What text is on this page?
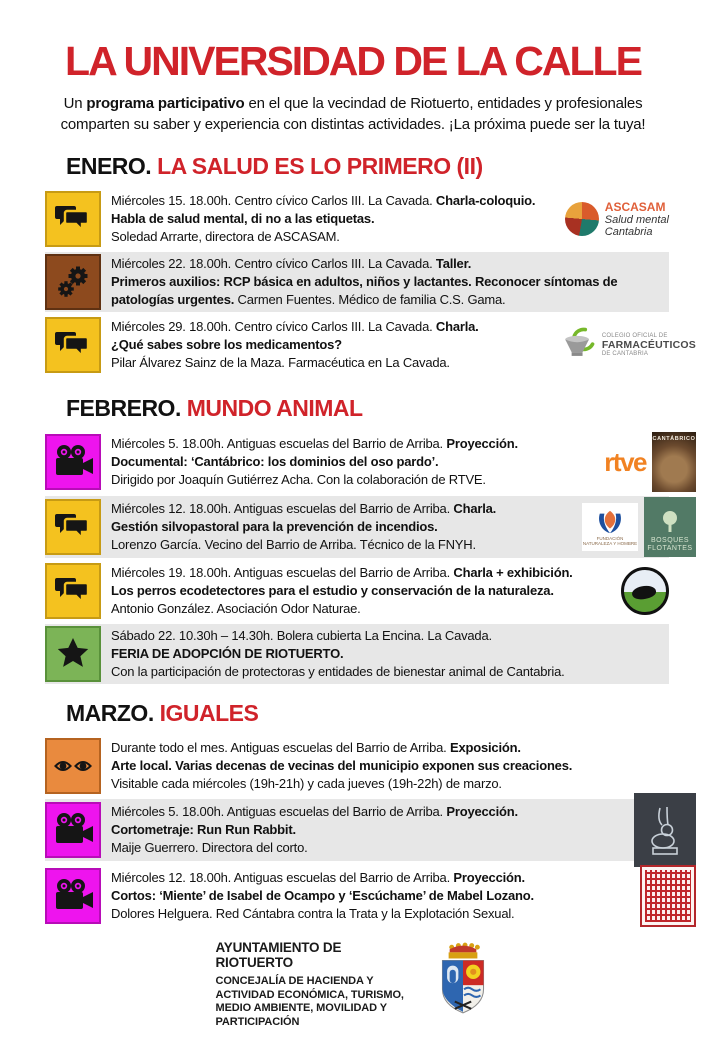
LA UNIVERSIDAD DE LA CALLE

Un programa participativo en el que la vecindad de Riotuerto, entidades y profesionales comparten su saber y experiencia con distintas actividades. ¡La próxima puede ser la tuya!

ENERO. LA SALUD ES LO PRIMERO (II)
Miércoles 15. 18.00h. Centro cívico Carlos III. La Cavada. Charla-coloquio.
Habla de salud mental, di no a las etiquetas.
Soledad Arrarte, directora de ASCASAM.
ASCASAM
Salud mental
Cantabria
Miércoles 22. 18.00h. Centro cívico Carlos III. La Cavada. Taller.
Primeros auxilios: RCP básica en adultos, niños y lactantes. Reconocer síntomas de patologías urgentes. Carmen Fuentes. Médico de familia C.S. Gama.
Miércoles 29. 18.00h. Centro cívico Carlos III. La Cavada. Charla.
¿Qué sabes sobre los medicamentos?
Pilar Álvarez Sainz de la Maza. Farmacéutica en La Cavada.
COLEGIO OFICIAL DE
FARMACÉUTICOS
DE CANTABRIA
FEBRERO. MUNDO ANIMAL
Miércoles 5. 18.00h. Antiguas escuelas del Barrio de Arriba. Proyección.
Documental: ‘Cantábrico: los dominios del oso pardo’.
Dirigido por Joaquín Gutiérrez Acha. Con la colaboración de RTVE.
rtve
CANTÁBRICO
Miércoles 12. 18.00h. Antiguas escuelas del Barrio de Arriba. Charla.
Gestión silvopastoral para la prevención de incendios.
Lorenzo García. Vecino del Barrio de Arriba. Técnico de la FNYH.	FUNDACIÓN NATURALEZA Y HOMBRE BOSQUES
FLOTANTES
Miércoles 19. 18.00h. Antiguas escuelas del Barrio de Arriba. Charla + exhibición.
Los perros ecodetectores para el estudio y conservación de la naturaleza.
Antonio González. Asociación Odor Naturae.
Sábado 22. 10.30h – 14.30h. Bolera cubierta La Encina. La Cavada.
FERIA DE ADOPCIÓN DE RIOTUERTO.
Con la participación de protectoras y entidades de bienestar animal de Cantabria.
MARZO. IGUALES
Durante todo el mes. Antiguas escuelas del Barrio de Arriba. Exposición.
Arte local. Varias decenas de vecinas del municipio exponen sus creaciones.
Visitable cada miércoles (19h-21h) y cada jueves (19h-22h) de marzo.
Miércoles 5. 18.00h. Antiguas escuelas del Barrio de Arriba. Proyección.
Cortometraje: Run Run Rabbit.
Maije Guerrero. Directora del corto.
Miércoles 12. 18.00h. Antiguas escuelas del Barrio de Arriba. Proyección.
Cortos: ‘Miente’ de Isabel de Ocampo y ‘Escúchame’ de Mabel Lozano.
Dolores Helguera. Red Cántabra contra la Trata y la Explotación Sexual.
AYUNTAMIENTO DE RIOTUERTO
CONCEJALÍA DE HACIENDA Y
ACTIVIDAD ECONÓMICA, TURISMO,
MEDIO AMBIENTE, MOVILIDAD Y
PARTICIPACIÓN
